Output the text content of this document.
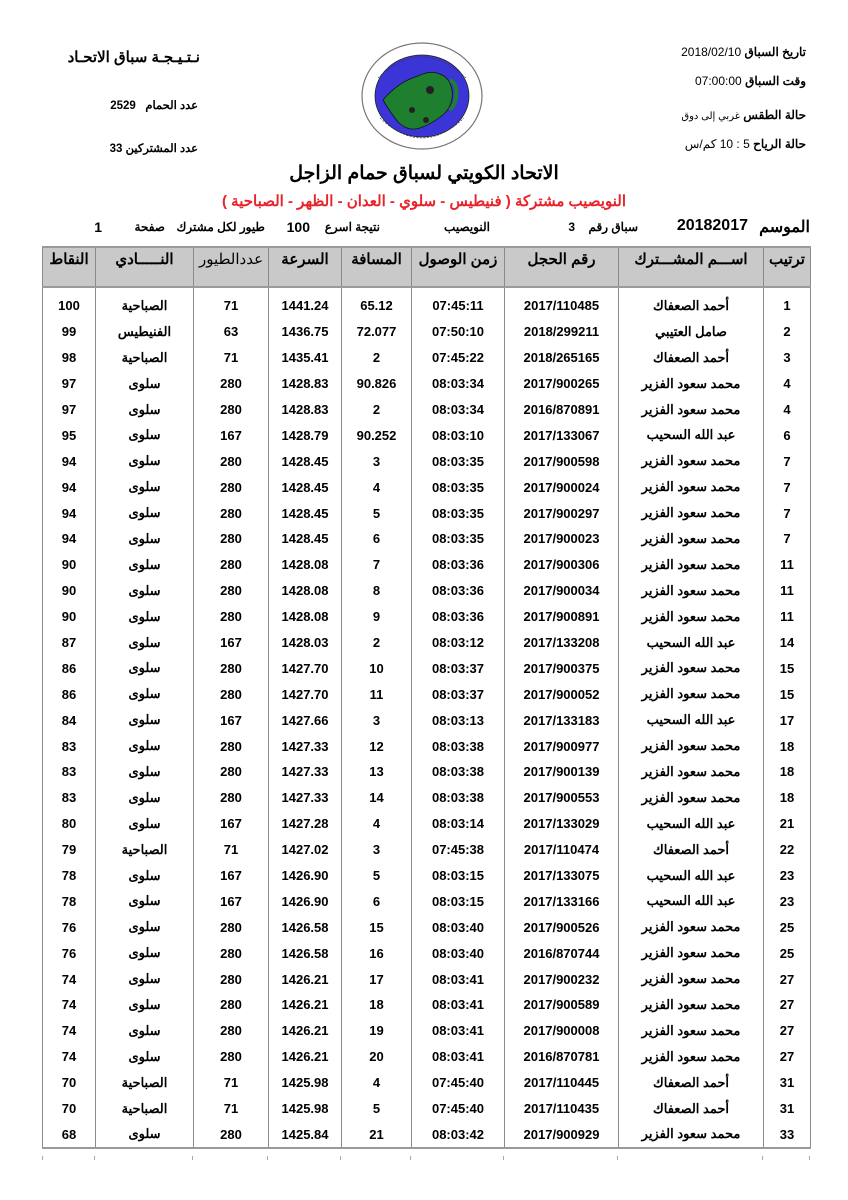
نـتـيـجـة سباق الاتحـاد
عدد الحمام   2529
عدد المشتركين 33
تاريخ السباق 2018/02/10
وقت السباق 07:00:00
حالة الطقس غربي إلى دوق
حالة الرياح 5 : 10 كم/س
الاتحاد الكويتي لسباق حمام الزاجل
النويصيب مشتركة ( فنيطيس - سلوي - العدان - الظهر - الصباحية )
الموسم
20182017
سباق رقم
3
النويصيب
نتيجة اسرع
100
طيور لكل مشترك
صفحة
1
ترتيب	اســـم المشـــترك	رقم الحجل	زمن الوصول	المسافة	السرعة	عددالطيور	النـــــادي	النقاط

1	أحمد الصعفاك	2017/110485	07:45:11	65.12	1441.24	71	الصباحية	100
2	صامل العتيبي	2018/299211	07:50:10	72.077	1436.75	63	الفنيطيس	99
3	أحمد الصعفاك	2018/265165	07:45:22	2	1435.41	71	الصباحية	98
4	محمد سعود الفزير	2017/900265	08:03:34	90.826	1428.83	280	سلوى	97
4	محمد سعود الفزير	2016/870891	08:03:34	2	1428.83	280	سلوى	97
6	عبد الله السحيب	2017/133067	08:03:10	90.252	1428.79	167	سلوى	95
7	محمد سعود الفزير	2017/900598	08:03:35	3	1428.45	280	سلوى	94
7	محمد سعود الفزير	2017/900024	08:03:35	4	1428.45	280	سلوى	94
7	محمد سعود الفزير	2017/900297	08:03:35	5	1428.45	280	سلوى	94
7	محمد سعود الفزير	2017/900023	08:03:35	6	1428.45	280	سلوى	94
11	محمد سعود الفزير	2017/900306	08:03:36	7	1428.08	280	سلوى	90
11	محمد سعود الفزير	2017/900034	08:03:36	8	1428.08	280	سلوى	90
11	محمد سعود الفزير	2017/900891	08:03:36	9	1428.08	280	سلوى	90
14	عبد الله السحيب	2017/133208	08:03:12	2	1428.03	167	سلوى	87
15	محمد سعود الفزير	2017/900375	08:03:37	10	1427.70	280	سلوى	86
15	محمد سعود الفزير	2017/900052	08:03:37	11	1427.70	280	سلوى	86
17	عبد الله السحيب	2017/133183	08:03:13	3	1427.66	167	سلوى	84
18	محمد سعود الفزير	2017/900977	08:03:38	12	1427.33	280	سلوى	83
18	محمد سعود الفزير	2017/900139	08:03:38	13	1427.33	280	سلوى	83
18	محمد سعود الفزير	2017/900553	08:03:38	14	1427.33	280	سلوى	83
21	عبد الله السحيب	2017/133029	08:03:14	4	1427.28	167	سلوى	80
22	أحمد الصعفاك	2017/110474	07:45:38	3	1427.02	71	الصباحية	79
23	عبد الله السحيب	2017/133075	08:03:15	5	1426.90	167	سلوى	78
23	عبد الله السحيب	2017/133166	08:03:15	6	1426.90	167	سلوى	78
25	محمد سعود الفزير	2017/900526	08:03:40	15	1426.58	280	سلوى	76
25	محمد سعود الفزير	2016/870744	08:03:40	16	1426.58	280	سلوى	76
27	محمد سعود الفزير	2017/900232	08:03:41	17	1426.21	280	سلوى	74
27	محمد سعود الفزير	2017/900589	08:03:41	18	1426.21	280	سلوى	74
27	محمد سعود الفزير	2017/900008	08:03:41	19	1426.21	280	سلوى	74
27	محمد سعود الفزير	2016/870781	08:03:41	20	1426.21	280	سلوى	74
31	أحمد الصعفاك	2017/110445	07:45:40	4	1425.98	71	الصباحية	70
31	أحمد الصعفاك	2017/110435	07:45:40	5	1425.98	71	الصباحية	70
33	محمد سعود الفزير	2017/900929	08:03:42	21	1425.84	280	سلوى	68
